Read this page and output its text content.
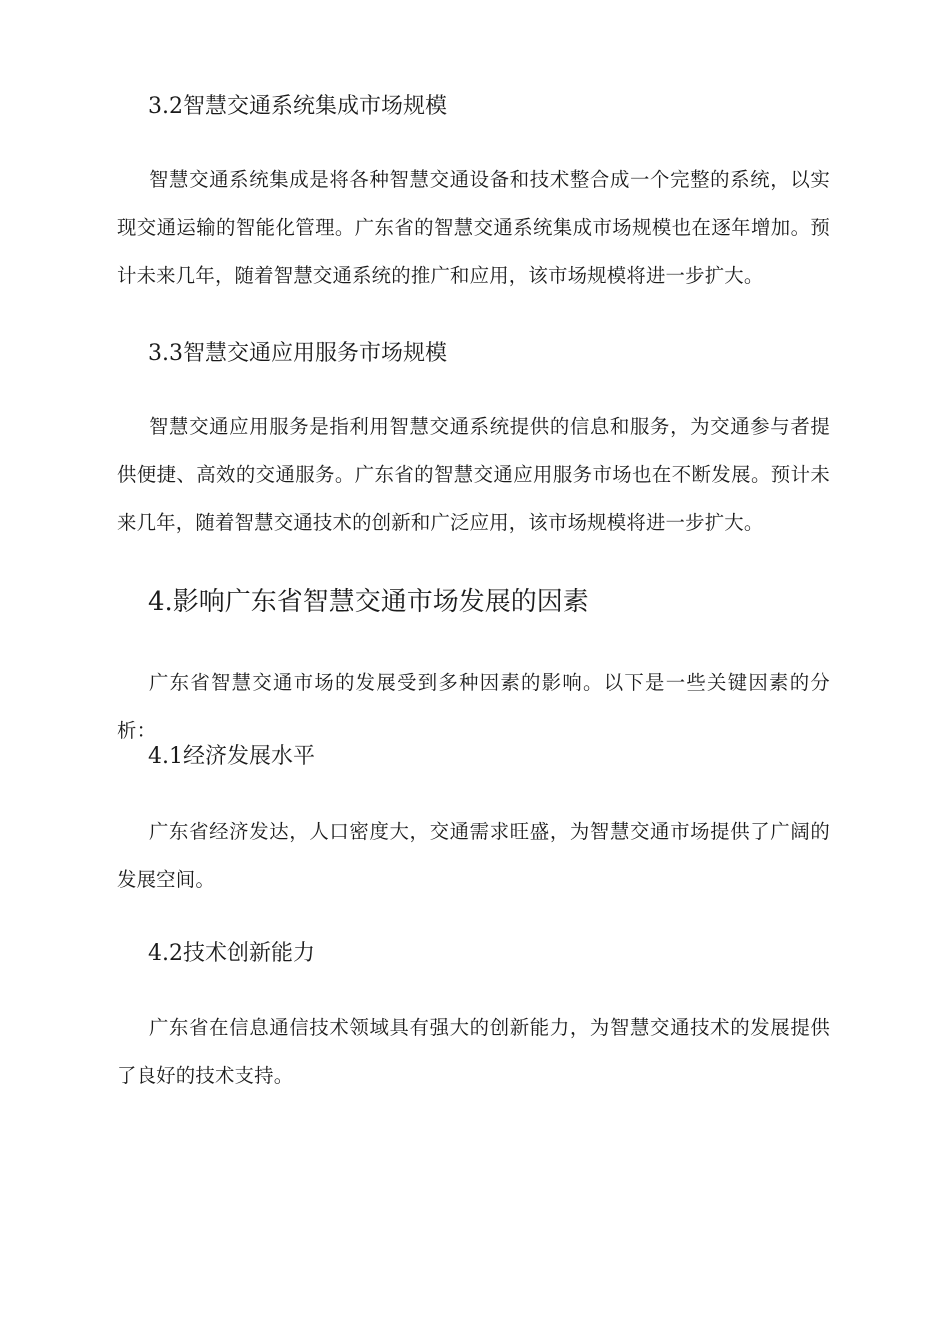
3.2智慧交通系统集成市场规模

智慧交通系统集成是将各种智慧交通设备和技术整合成一个完整的系统，以实现交通运输的智能化管理。广东省的智慧交通系统集成市场规模也在逐年增加。预计未来几年，随着智慧交通系统的推广和应用，该市场规模将进一步扩大。

3.3智慧交通应用服务市场规模

智慧交通应用服务是指利用智慧交通系统提供的信息和服务，为交通参与者提供便捷、高效的交通服务。广东省的智慧交通应用服务市场也在不断发展。预计未来几年，随着智慧交通技术的创新和广泛应用，该市场规模将进一步扩大。

4.影响广东省智慧交通市场发展的因素

广东省智慧交通市场的发展受到多种因素的影响。以下是一些关键因素的分析：

4.1经济发展水平

广东省经济发达，人口密度大，交通需求旺盛，为智慧交通市场提供了广阔的发展空间。

4.2技术创新能力

广东省在信息通信技术领域具有强大的创新能力，为智慧交通技术的发展提供了良好的技术支持。
